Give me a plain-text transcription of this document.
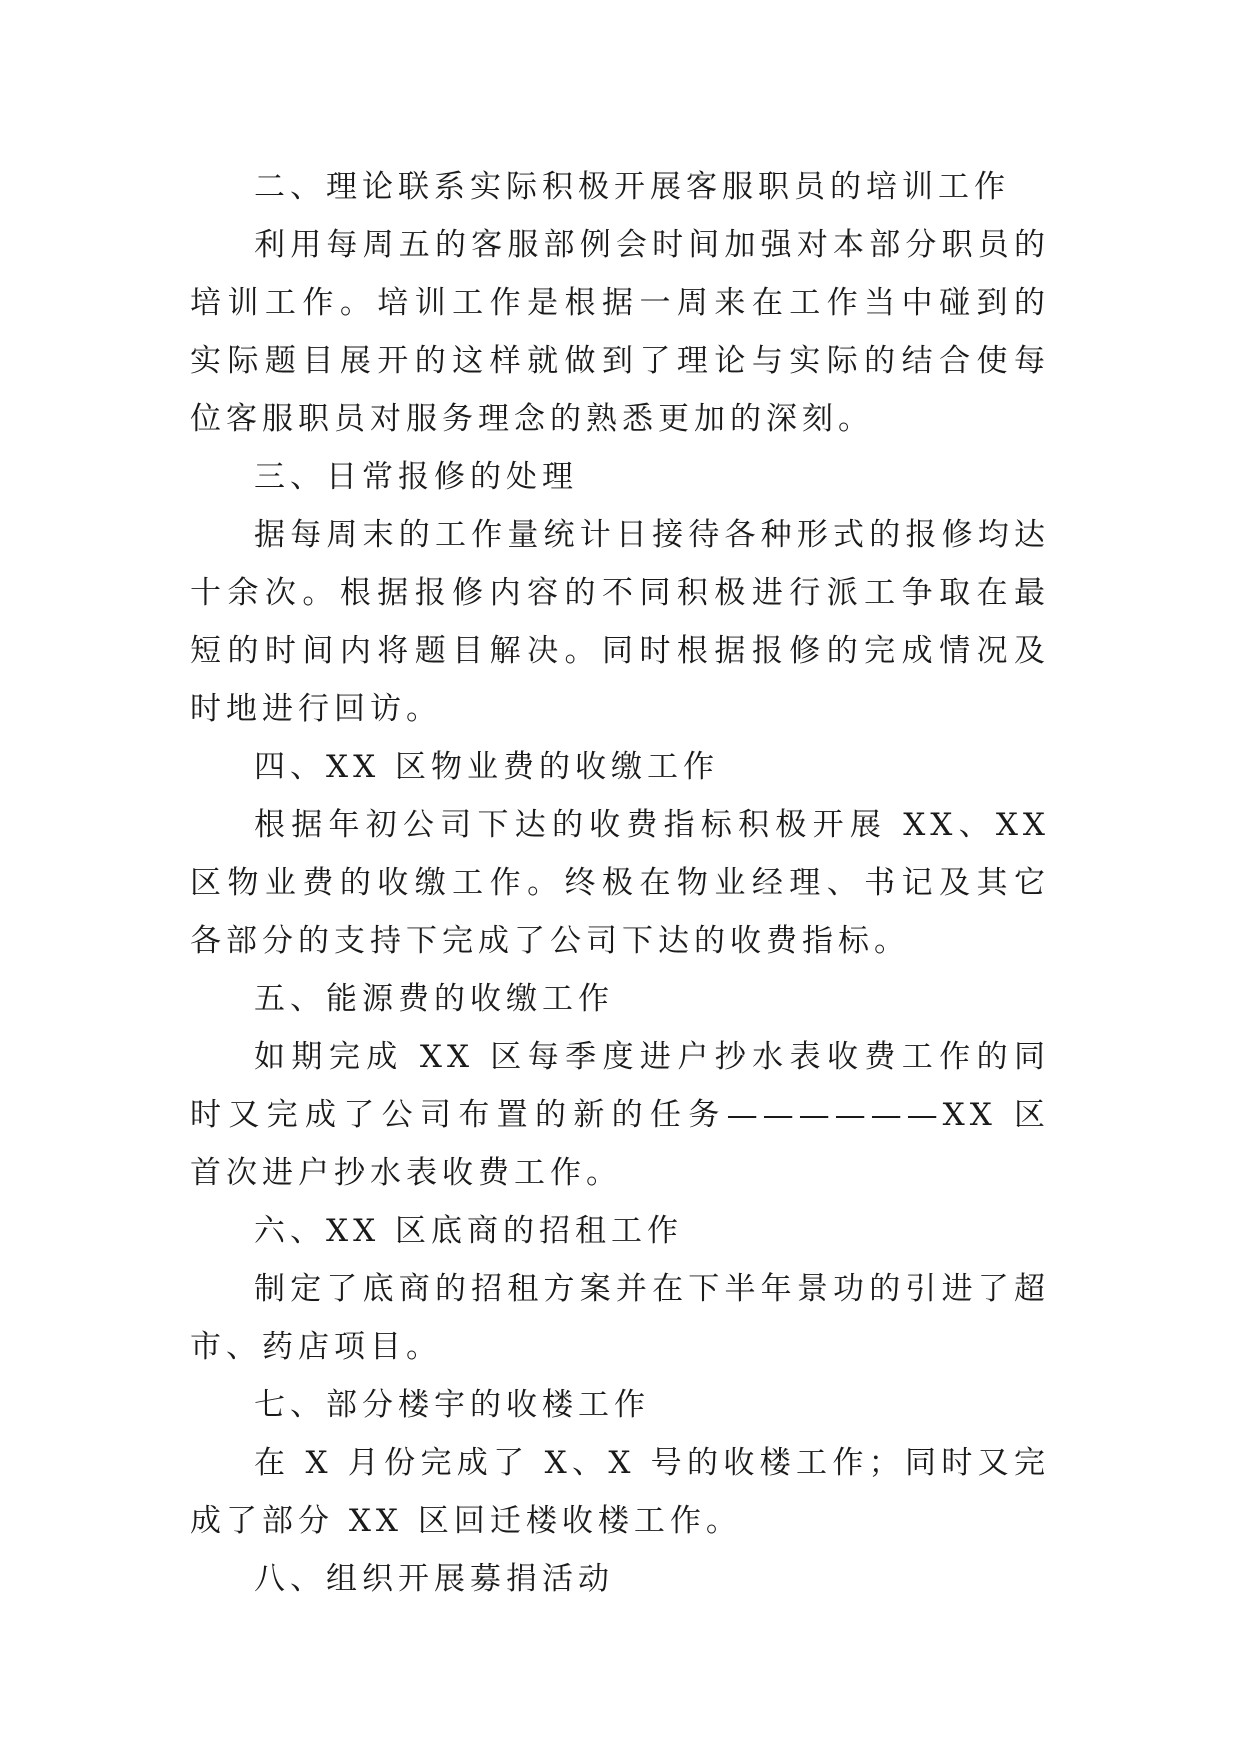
二、理论联系实际积极开展客服职员的培训工作

利用每周五的客服部例会时间加强对本部分职员的培训工作。培训工作是根据一周来在工作当中碰到的实际题目展开的这样就做到了理论与实际的结合使每位客服职员对服务理念的熟悉更加的深刻。

三、日常报修的处理

据每周末的工作量统计日接待各种形式的报修均达十余次。根据报修内容的不同积极进行派工争取在最短的时间内将题目解决。同时根据报修的完成情况及时地进行回访。

四、XX 区物业费的收缴工作

根据年初公司下达的收费指标积极开展 XX、XX 区物业费的收缴工作。终极在物业经理、书记及其它各部分的支持下完成了公司下达的收费指标。

五、能源费的收缴工作

如期完成 XX 区每季度进户抄水表收费工作的同时又完成了公司布置的新的任务——————XX 区首次进户抄水表收费工作。

六、XX 区底商的招租工作

制定了底商的招租方案并在下半年景功的引进了超市、药店项目。

七、部分楼宇的收楼工作

在 X 月份完成了 X、X 号的收楼工作；同时又完成了部分 XX 区回迁楼收楼工作。

八、组织开展募捐活动
